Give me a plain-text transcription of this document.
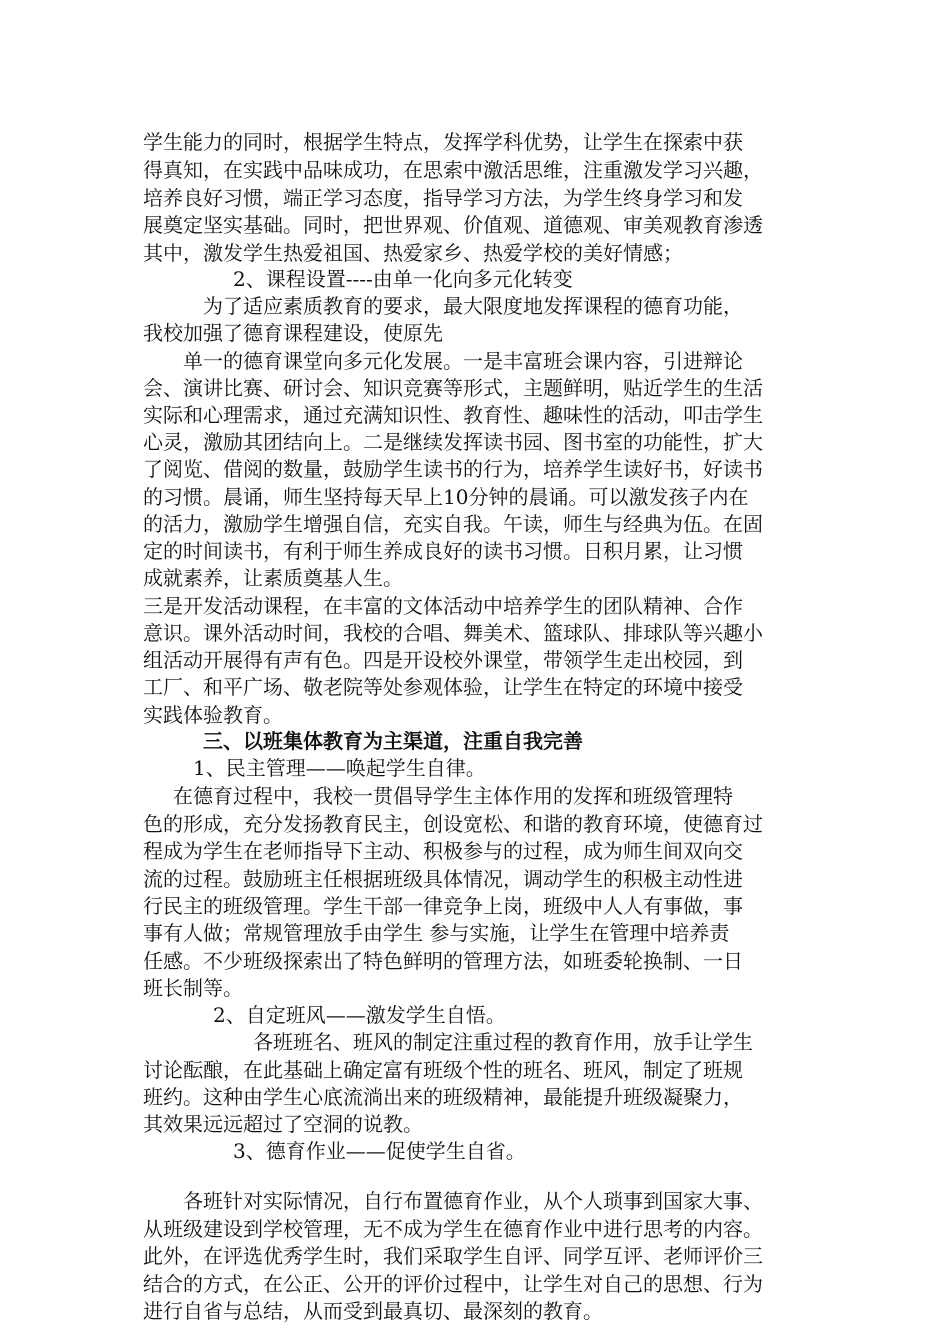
学生能力的同时，根据学生特点，发挥学科优势，让学生在探索中获
得真知，在实践中品味成功，在思索中激活思维，注重激发学习兴趣，
培养良好习惯，端正学习态度，指导学习方法，为学生终身学习和发
展奠定坚实基础。同时，把世界观、价值观、道德观、审美观教育渗透
其中，激发学生热爱祖国、热爱家乡、热爱学校的美好情感；
2、课程设置----由单一化向多元化转变
为了适应素质教育的要求，最大限度地发挥课程的德育功能，
我校加强了德育课程建设，使原先
单一的德育课堂向多元化发展。一是丰富班会课内容，引进辩论
会、演讲比赛、研讨会、知识竞赛等形式，主题鲜明，贴近学生的生活
实际和心理需求，通过充满知识性、教育性、趣味性的活动，叩击学生
心灵，激励其团结向上。二是继续发挥读书园、图书室的功能性，扩大
了阅览、借阅的数量，鼓励学生读书的行为，培养学生读好书，好读书
的习惯。晨诵，师生坚持每天早上10分钟的晨诵。可以激发孩子内在
的活力，激励学生增强自信，充实自我。午读，师生与经典为伍。在固
定的时间读书，有利于师生养成良好的读书习惯。日积月累，让习惯
成就素养，让素质奠基人生。
三是开发活动课程，在丰富的文体活动中培养学生的团队精神、合作
意识。课外活动时间，我校的合唱、舞美术、篮球队、排球队等兴趣小
组活动开展得有声有色。四是开设校外课堂，带领学生走出校园，到
工厂、和平广场、敬老院等处参观体验，让学生在特定的环境中接受
实践体验教育。
三、以班集体教育为主渠道，注重自我完善
1、民主管理——唤起学生自律。
在德育过程中，我校一贯倡导学生主体作用的发挥和班级管理特
色的形成，充分发扬教育民主，创设宽松、和谐的教育环境，使德育过
程成为学生在老师指导下主动、积极参与的过程，成为师生间双向交
流的过程。鼓励班主任根据班级具体情况，调动学生的积极主动性进
行民主的班级管理。学生干部一律竞争上岗，班级中人人有事做，事
事有人做；常规管理放手由学生 参与实施，让学生在管理中培养责
任感。不少班级探索出了特色鲜明的管理方法，如班委轮换制、一日
班长制等。
2、自定班风——激发学生自悟。
各班班名、班风的制定注重过程的教育作用，放手让学生
讨论酝酿，在此基础上确定富有班级个性的班名、班风，制定了班规
班约。这种由学生心底流淌出来的班级精神，最能提升班级凝聚力，
其效果远远超过了空洞的说教。
3、德育作业——促使学生自省。
各班针对实际情况，自行布置德育作业，从个人琐事到国家大事、
从班级建设到学校管理，无不成为学生在德育作业中进行思考的内容。
此外，在评选优秀学生时，我们采取学生自评、同学互评、老师评价三
结合的方式，在公正、公开的评价过程中，让学生对自己的思想、行为
进行自省与总结，从而受到最真切、最深刻的教育。
